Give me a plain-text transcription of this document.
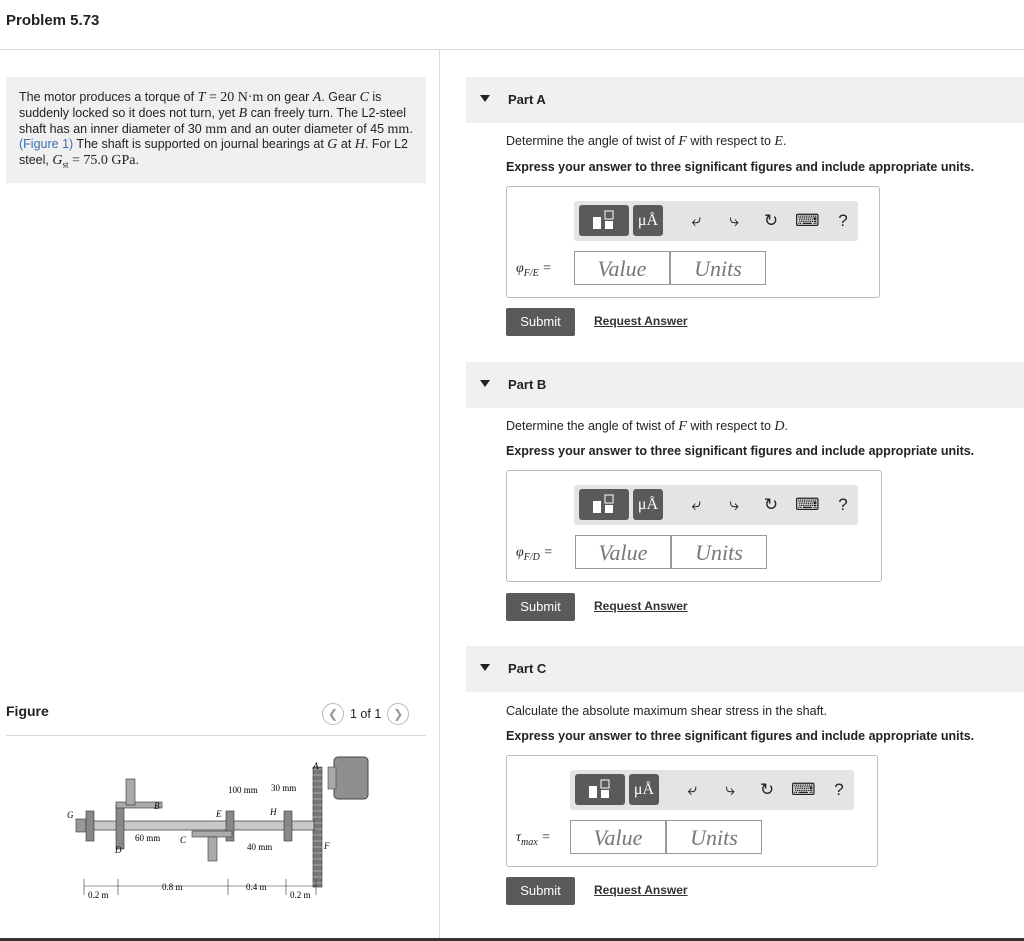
Problem 5.73
The motor produces a torque of T = 20 N·m on gear A. Gear C is suddenly locked so it does not turn, yet B can freely turn. The L2-steel shaft has an inner diameter of 30 mm and an outer diameter of 45 mm. (Figure 1) The shaft is supported on journal bearings at G at H. For L2 steel, $G_{st} = 75.0$ GPa.
Figure	❮ 1 of 1 ❯
G
B
D
C
E	H
A
F
100 mm 30 mm
60 mm
40 mm
0.2 m
0.8 m	0.4 m
0.2 m
Part A
Determine the angle of twist of F with respect to E.
Express your answer to three significant figures and include appropriate units.
μÅ	⤶	⤷	↻ ⌨	?
$\varphi_{F/E}$ =	Value	Units
Submit	Request Answer
Part B
Determine the angle of twist of F with respect to D.
Express your answer to three significant figures and include appropriate units.
μÅ	⤶	⤷	↻ ⌨	?
$\varphi_{F/D}$ =	Value	Units
Submit	Request Answer
Part C
Calculate the absolute maximum shear stress in the shaft.
Express your answer to three significant figures and include appropriate units.
μÅ	⤶	⤷	↻ ⌨	?
$\tau_{max}$ =	Value	Units
Submit	Request Answer
